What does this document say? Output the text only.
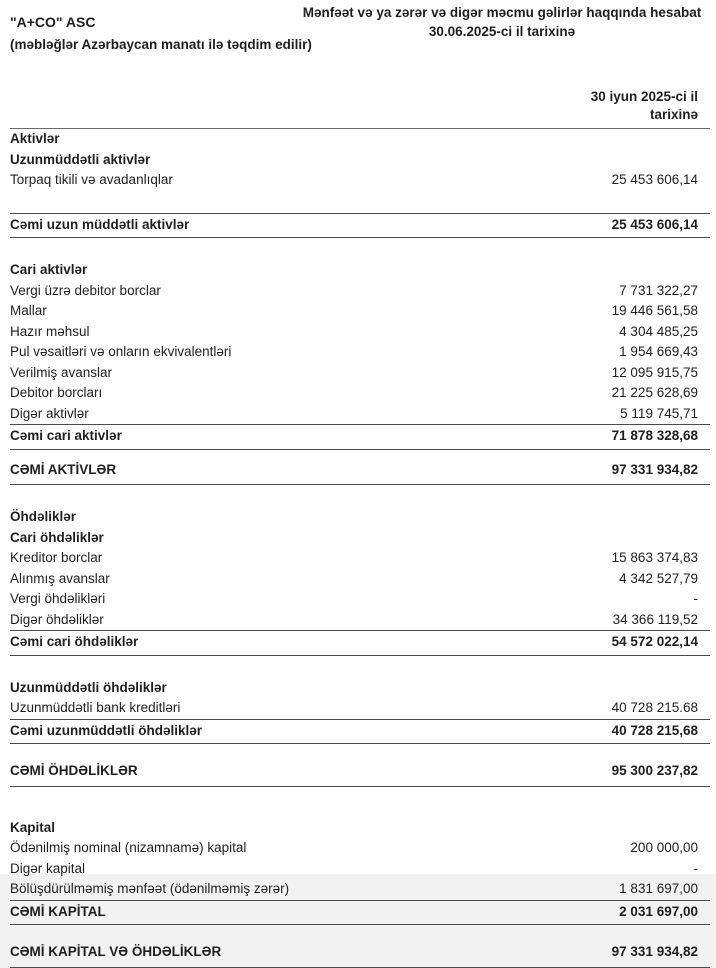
Mənfəət və ya zərər və digər məcmu gəlirlər haqqında hesabat
30.06.2025-ci il tarixinə
"A+CO" ASC
(məbləğlər Azərbaycan manatı ilə təqdim edilir)
30 iyun 2025-ci il
tarixinə
Aktivlər
Uzunmüddətli aktivlər
Torpaq tikili və avadanlıqlar	25 453 606,14
Cəmi uzun müddətli aktivlər	25 453 606,14
Cari aktivlər
Vergi üzrə debitor borclar	7 731 322,27
Mallar	19 446 561,58
Hazır məhsul	4 304 485,25
Pul vəsaitləri və onların ekvivalentləri	1 954 669,43
Verilmiş avanslar	12 095 915,75
Debitor borcları	21 225 628,69
Digər aktivlər	5 119 745,71
Cəmi cari aktivlər	71 878 328,68
CƏMİ AKTİVLƏR	97 331 934,82
Öhdəliklər
Cari öhdəliklər
Kreditor borclar	15 863 374,83
Alınmış avanslar	4 342 527,79
Vergi öhdəlikləri	-
Digər öhdəliklər	34 366 119,52
Cəmi cari öhdəliklər	54 572 022,14
Uzunmüddətli öhdəliklər
Uzunmüddətli bank kreditləri	40 728 215.68
Cəmi uzunmüddətli öhdəliklər	40 728 215,68
CƏMİ ÖHDƏLİKLƏR	95 300 237,82
Kapital
Ödənilmiş nominal (nizamnamə) kapital	200 000,00
Digər kapital	-
Bölüşdürülməmiş mənfəət (ödənilməmiş zərər)	1 831 697,00
CƏMİ KAPİTAL	2 031 697,00
CƏMİ KAPİTAL VƏ ÖHDƏLİKLƏR	97 331 934,82
